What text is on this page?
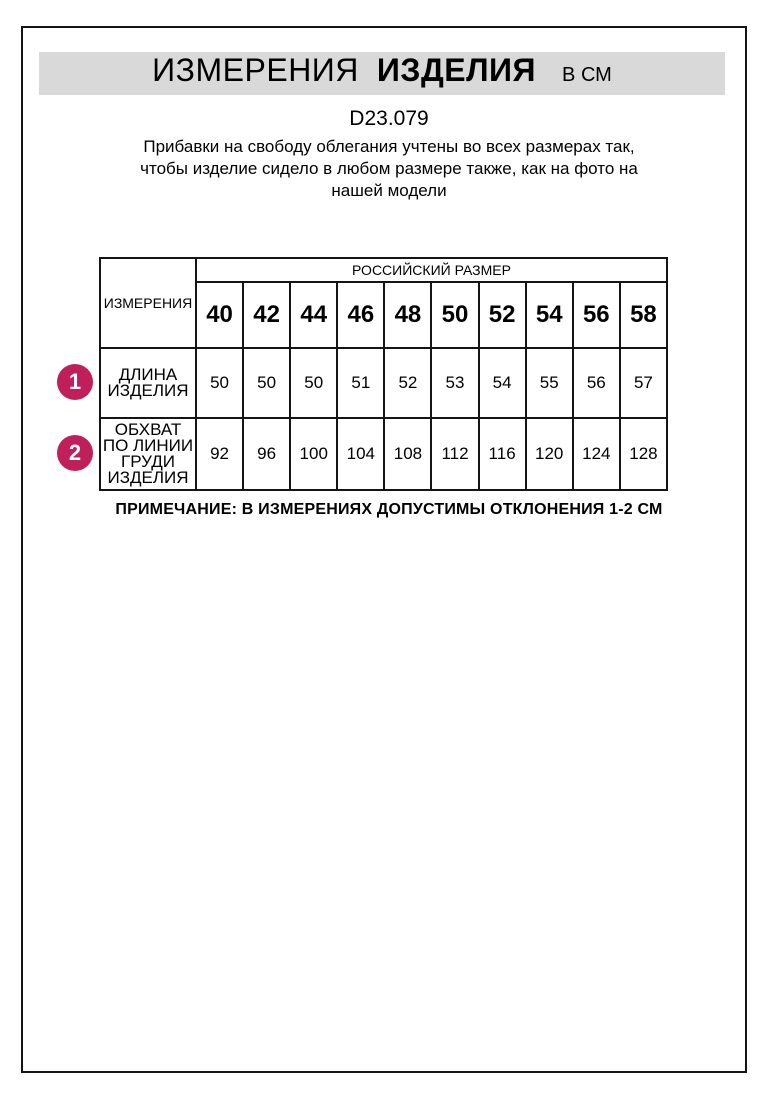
ИЗМЕРЕНИЯ ИЗДЕЛИЯ В СМ
D23.079

Прибавки на свободу облегания учтены во всех размерах так, чтобы изделие сидело в любом размере также, как на фото на нашей модели

ИЗМЕРЕНИЯ	РОССИЙСКИЙ РАЗМЕР									
	40	42	44	46	48	50	52	54	56	58
ДЛИНА ИЗДЕЛИЯ	50	50	50	51	52	53	54	55	56	57
ОБХВАТ ПО ЛИНИИ ГРУДИ ИЗДЕЛИЯ	92	96	100	104	108	112	116	120	124	128
1
2

ПРИМЕЧАНИЕ: В ИЗМЕРЕНИЯХ ДОПУСТИМЫ ОТКЛОНЕНИЯ 1-2 СМ
